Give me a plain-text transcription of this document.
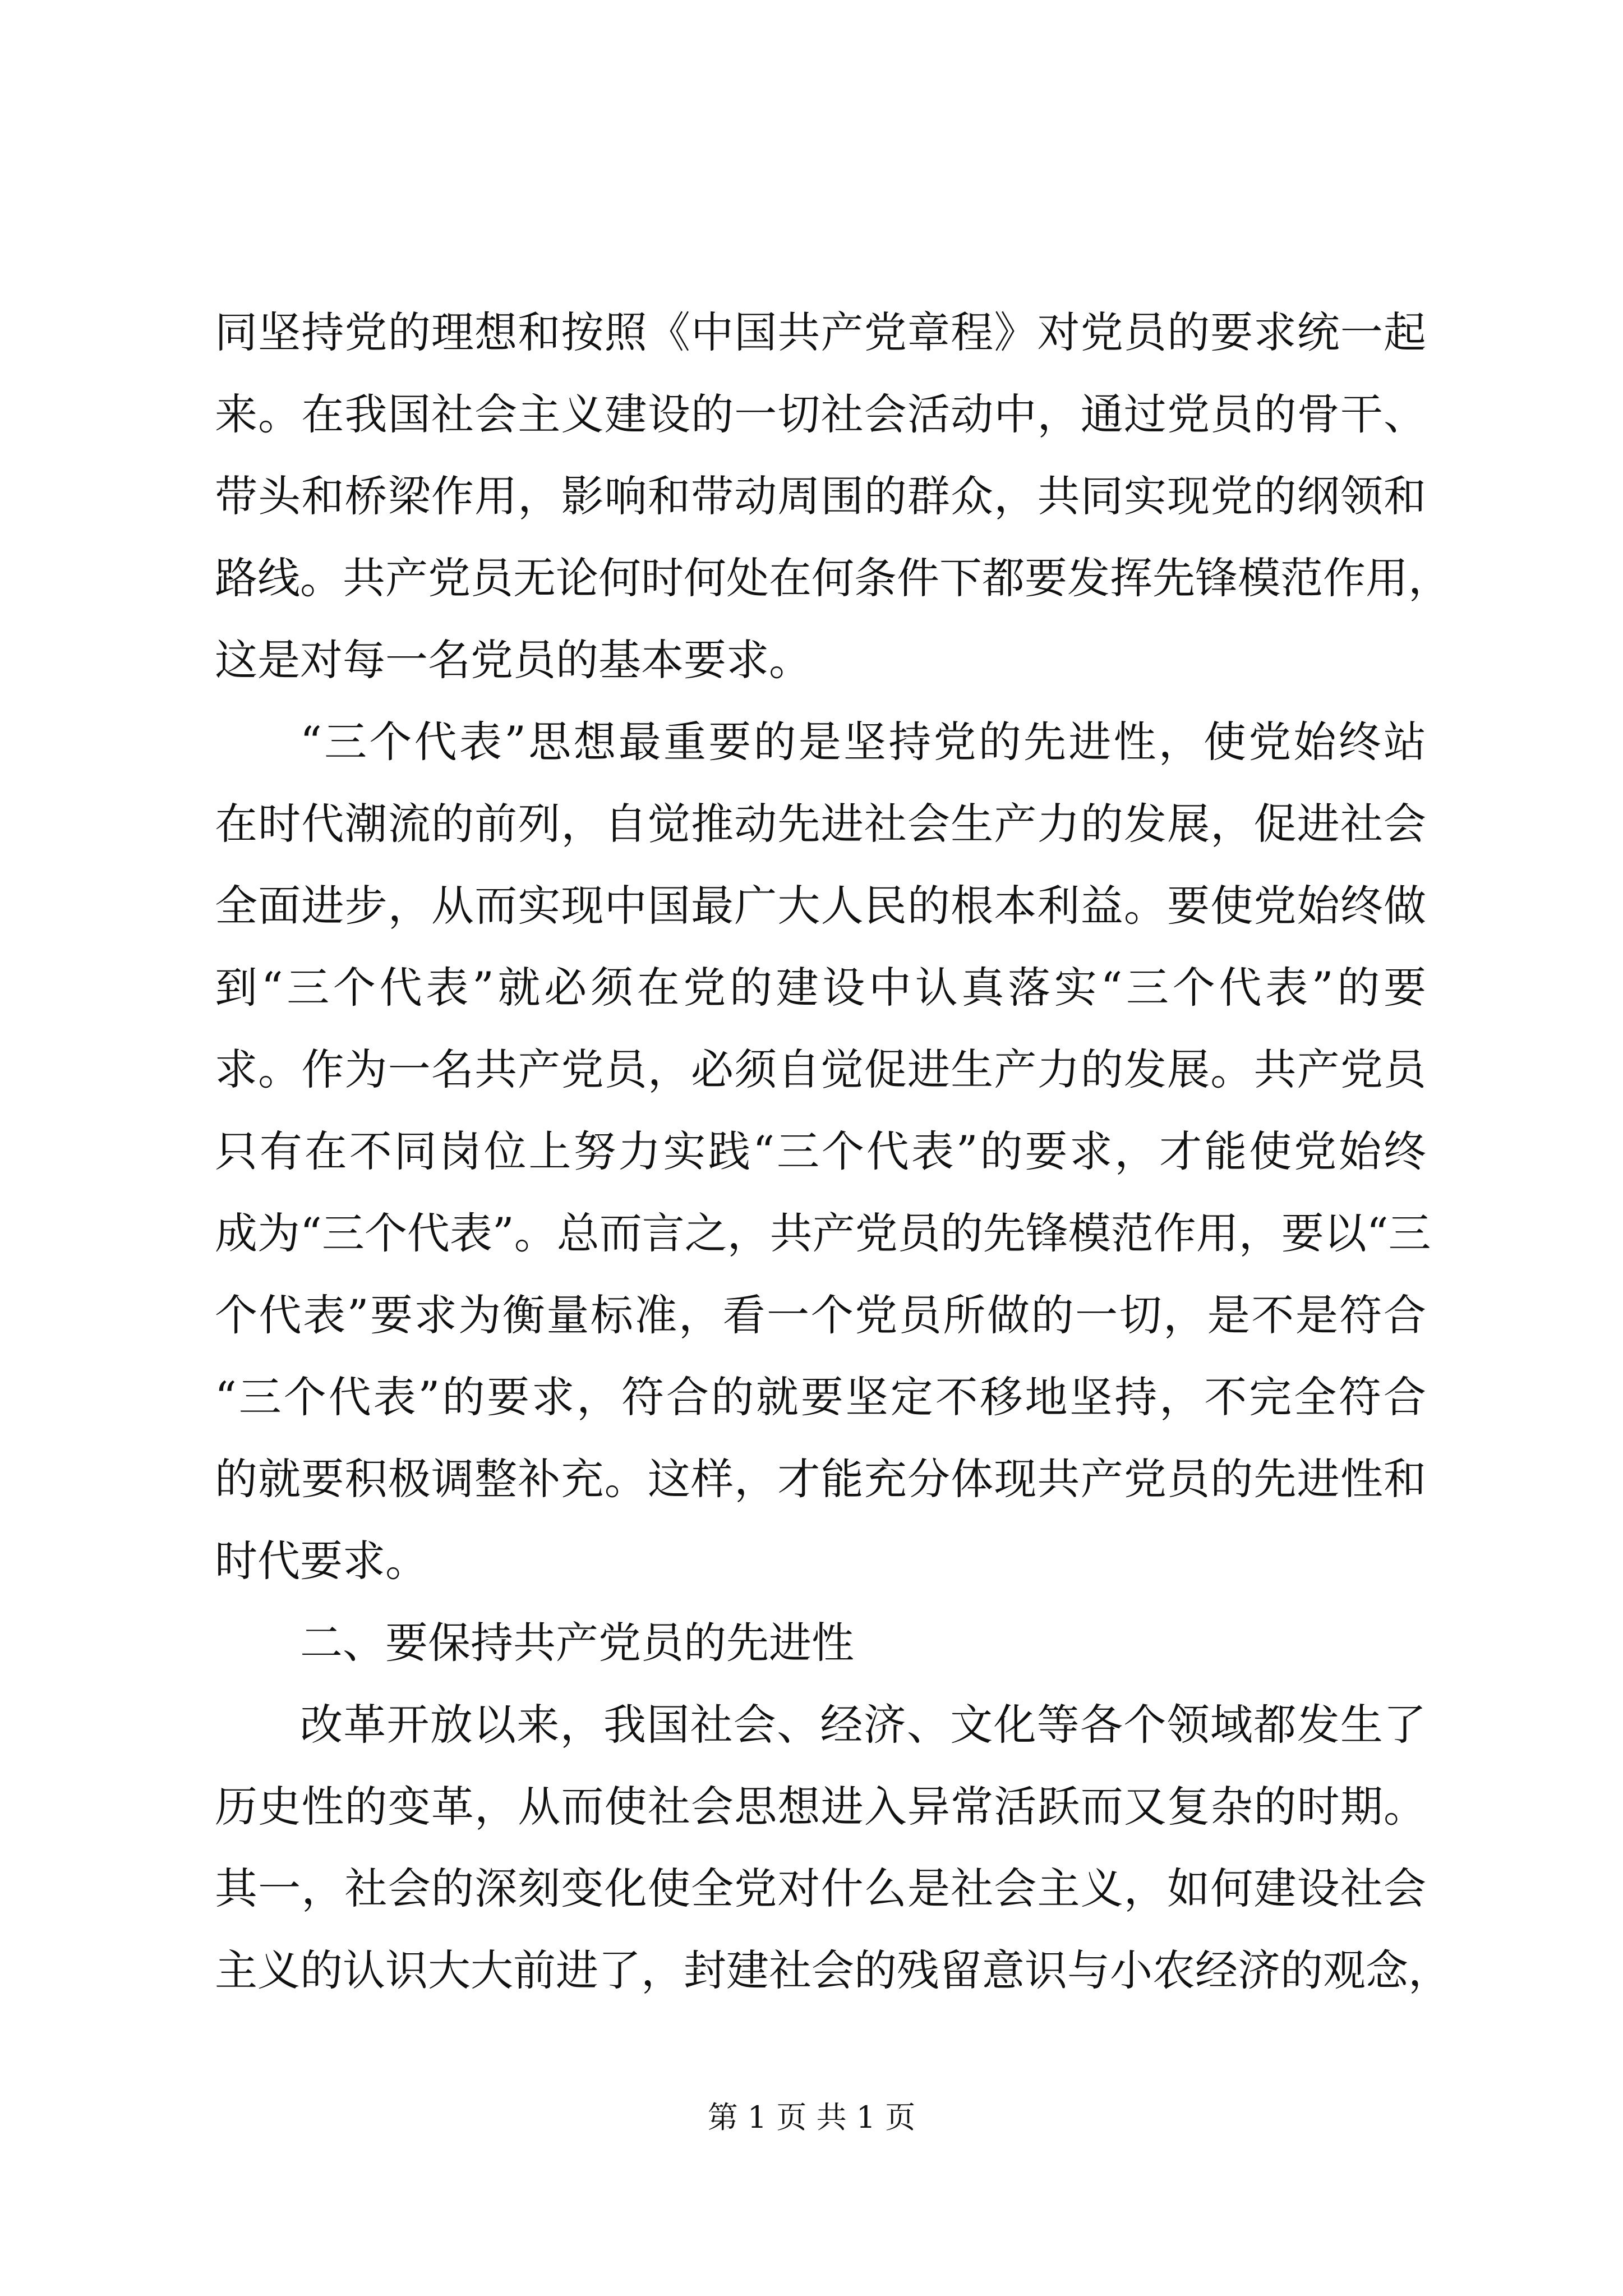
同坚持党的理想和按照《中国共产党章程》对党员的要求统一起
来。在我国社会主义建设的一切社会活动中，通过党员的骨干、
带头和桥梁作用，影响和带动周围的群众，共同实现党的纲领和
路线。共产党员无论何时何处在何条件下都要发挥先锋模范作用，
这是对每一名党员的基本要求。
“三个代表”思想最重要的是坚持党的先进性，使党始终站
在时代潮流的前列，自觉推动先进社会生产力的发展，促进社会
全面进步，从而实现中国最广大人民的根本利益。要使党始终做
到“三个代表”就必须在党的建设中认真落实“三个代表”的要
求。作为一名共产党员，必须自觉促进生产力的发展。共产党员
只有在不同岗位上努力实践“三个代表”的要求，才能使党始终
成为“三个代表”。总而言之，共产党员的先锋模范作用，要以“三
个代表”要求为衡量标准，看一个党员所做的一切，是不是符合
“三个代表”的要求，符合的就要坚定不移地坚持，不完全符合
的就要积极调整补充。这样，才能充分体现共产党员的先进性和
时代要求。
二、要保持共产党员的先进性
改革开放以来，我国社会、经济、文化等各个领域都发生了
历史性的变革，从而使社会思想进入异常活跃而又复杂的时期。
其一，社会的深刻变化使全党对什么是社会主义，如何建设社会
主义的认识大大前进了，封建社会的残留意识与小农经济的观念，
第 1 页 共 1 页
